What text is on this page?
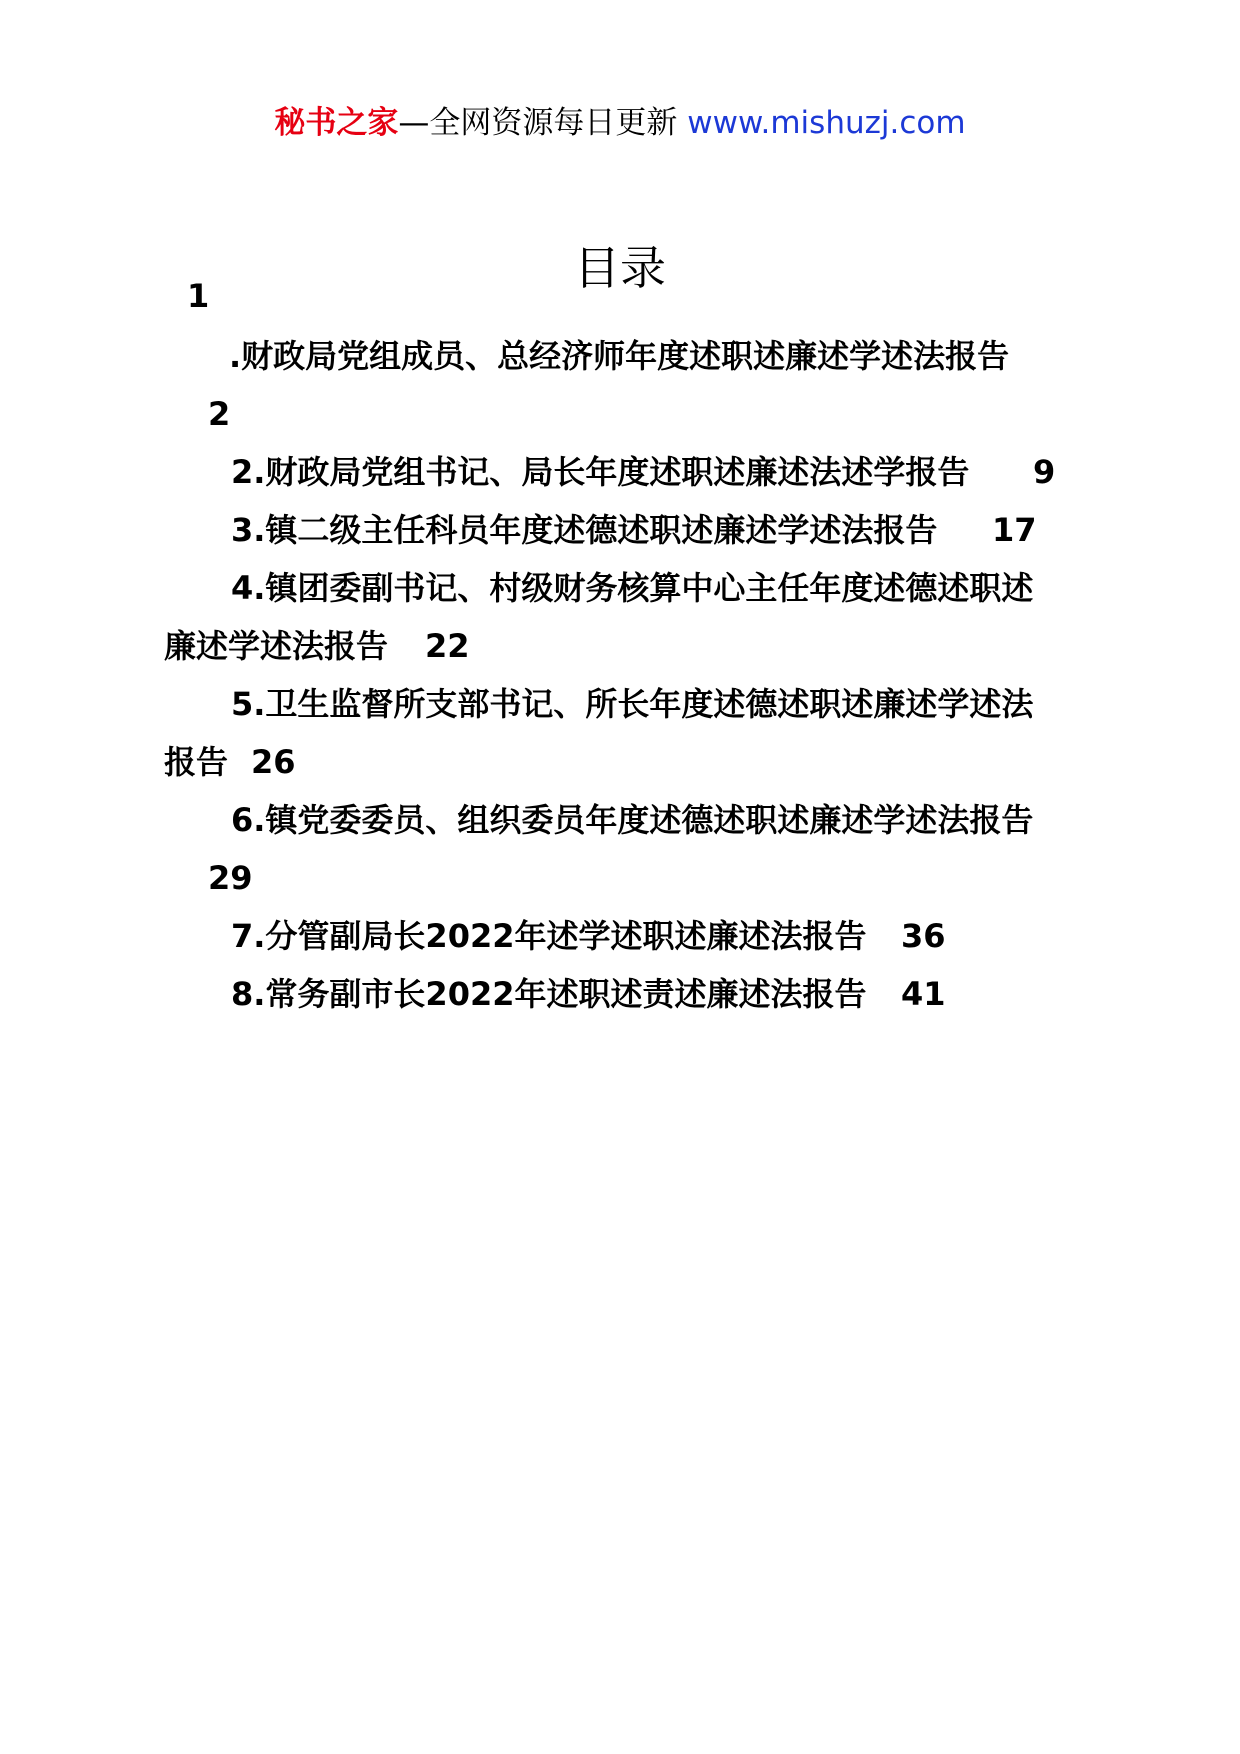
秘书之家—全网资源每日更新 www.mishuzj.com
目录
1
.财政局党组成员、总经济师年度述职述廉述学述法报告
2
2.财政局党组书记、局长年度述职述廉述法述学报告 9
3.镇二级主任科员年度述德述职述廉述学述法报告 17
4.镇团委副书记、村级财务核算中心主任年度述德述职述
廉述学述法报告 22
5.卫生监督所支部书记、所长年度述德述职述廉述学述法
报告 26
6.镇党委委员、组织委员年度述德述职述廉述学述法报告
29
7.分管副局长2022年述学述职述廉述法报告 36
8.常务副市长2022年述职述责述廉述法报告 41
